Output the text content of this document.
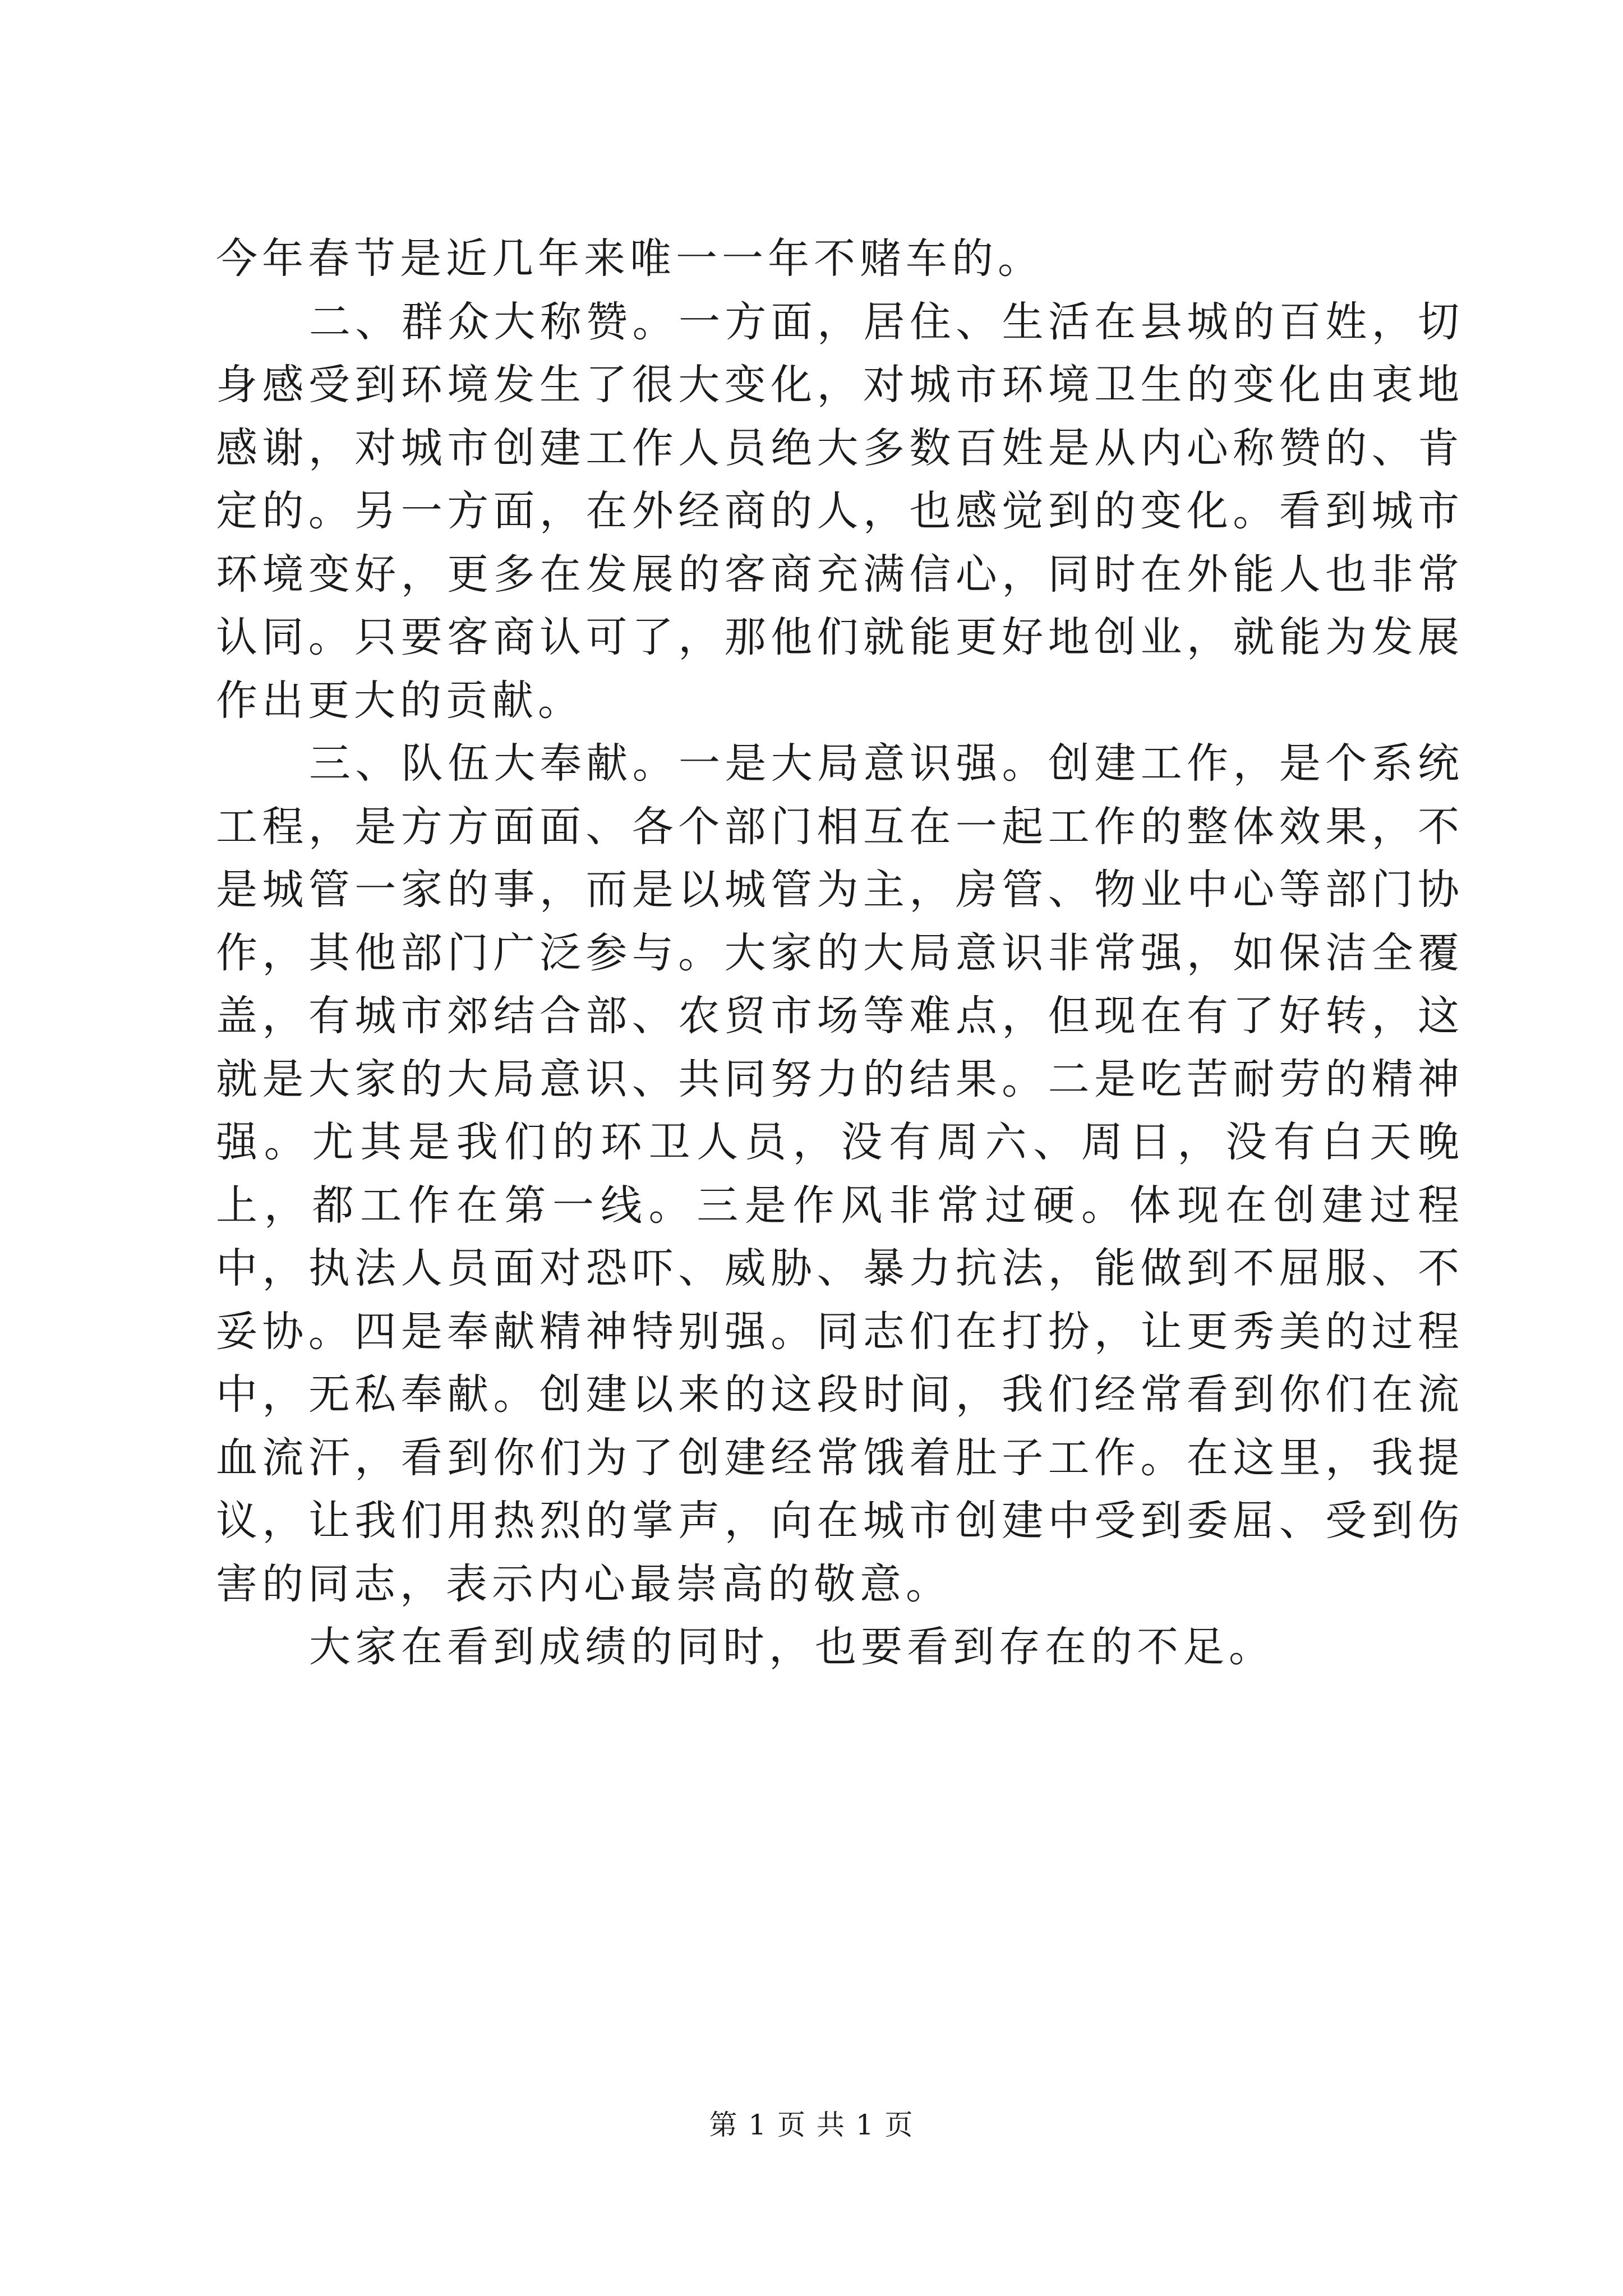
今年春节是近几年来唯一一年不赌车的。

二、群众大称赞。一方面，居住、生活在县城的百姓，切身感受到环境发生了很大变化，对城市环境卫生的变化由衷地感谢，对城市创建工作人员绝大多数百姓是从内心称赞的、肯定的。另一方面，在外经商的人，也感觉到的变化。看到城市环境变好，更多在发展的客商充满信心，同时在外能人也非常认同。只要客商认可了，那他们就能更好地创业，就能为发展作出更大的贡献。

三、队伍大奉献。一是大局意识强。创建工作，是个系统工程，是方方面面、各个部门相互在一起工作的整体效果，不是城管一家的事，而是以城管为主，房管、物业中心等部门协作，其他部门广泛参与。大家的大局意识非常强，如保洁全覆盖，有城市郊结合部、农贸市场等难点，但现在有了好转，这就是大家的大局意识、共同努力的结果。二是吃苦耐劳的精神强。尤其是我们的环卫人员，没有周六、周日，没有白天晚上，都工作在第一线。三是作风非常过硬。体现在创建过程中，执法人员面对恐吓、威胁、暴力抗法，能做到不屈服、不妥协。四是奉献精神特别强。同志们在打扮，让更秀美的过程中，无私奉献。创建以来的这段时间，我们经常看到你们在流血流汗，看到你们为了创建经常饿着肚子工作。在这里，我提议，让我们用热烈的掌声，向在城市创建中受到委屈、受到伤害的同志，表示内心最崇高的敬意。

大家在看到成绩的同时，也要看到存在的不足。

第 1 页 共 1 页
